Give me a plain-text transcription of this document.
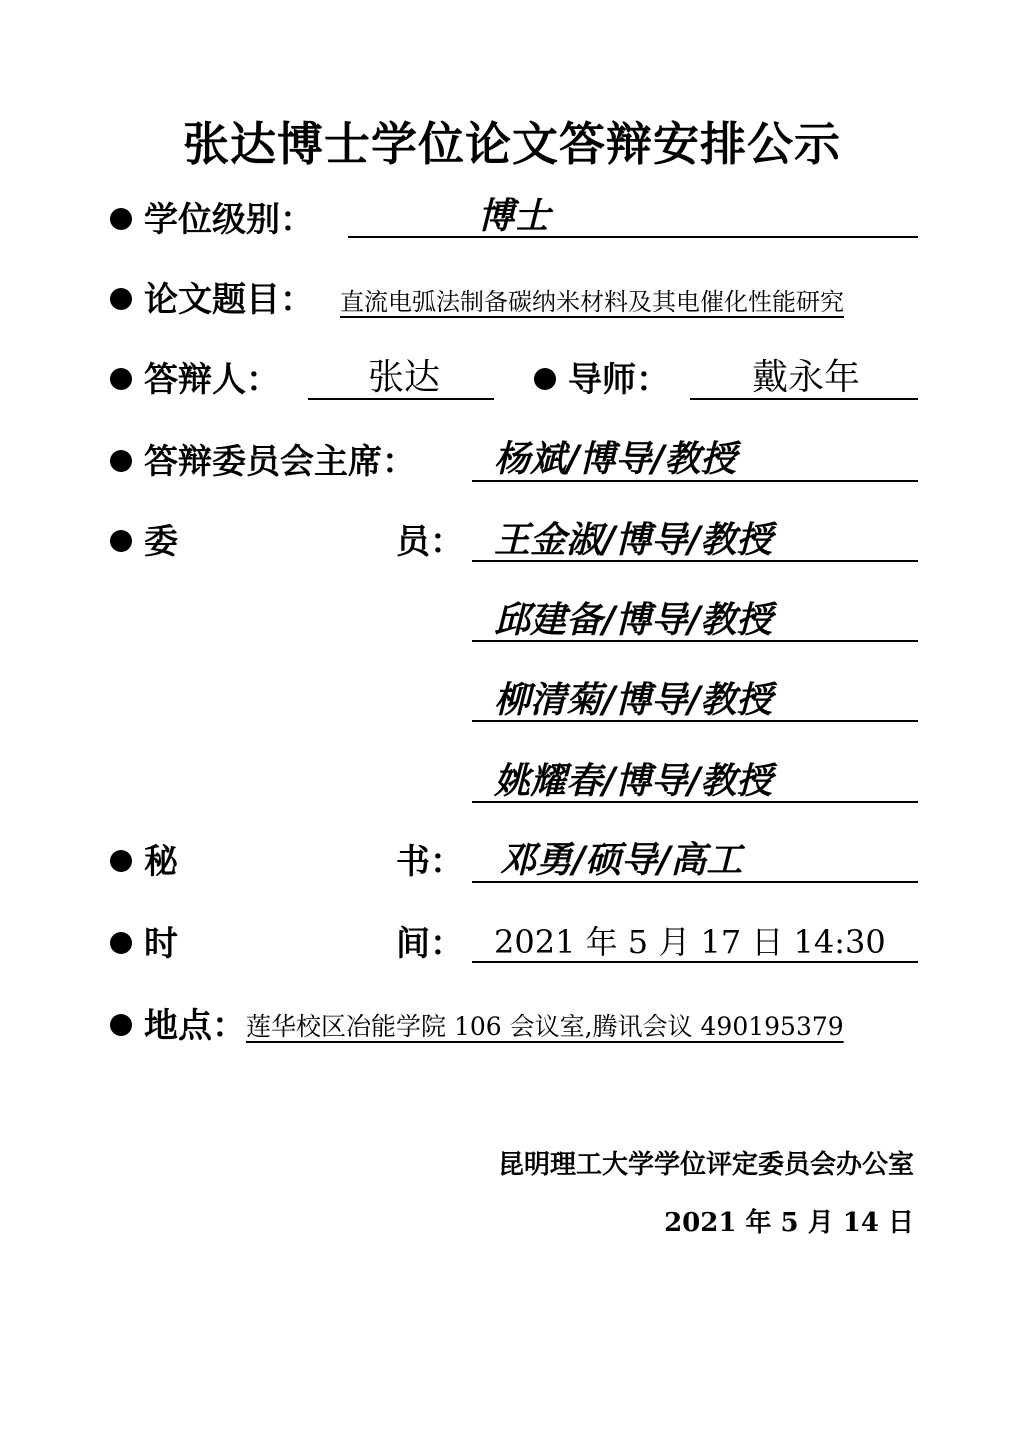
张达博士学位论文答辩安排公示
学位级别：	博士
论文题目： 直流电弧法制备碳纳米材料及其电催化性能研究
答辩人： 张达	导师： 戴永年
答辩委员会主席： 杨斌/博导/教授
委	员： 王金淑/博导/教授
邱建备/博导/教授
柳清菊/博导/教授
姚耀春/博导/教授
秘	书： 邓勇/硕导/高工
时	间： 2021 年 5 月 17 日 14:30
地点： 莲华校区冶能学院 106 会议室,腾讯会议 490195379
昆明理工大学学位评定委员会办公室
2021 年 5 月 14 日
